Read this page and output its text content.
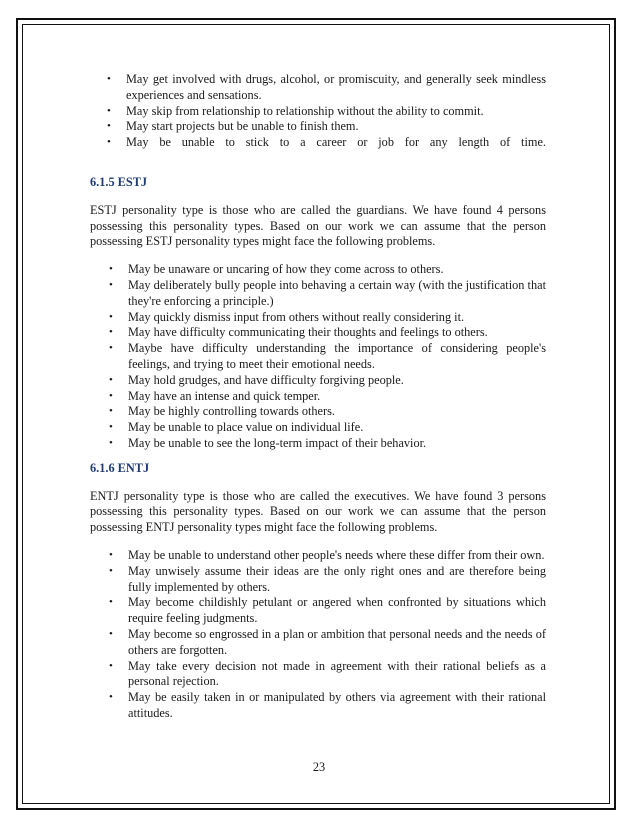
• May get involved with drugs, alcohol, or promiscuity, and generally seek mindless experiences and sensations.
• May skip from relationship to relationship without the ability to commit.
• May start projects but be unable to finish them.
• May be unable to stick to a career or job for any length of time.
6.1.5 ESTJ

ESTJ personality type is those who are called the guardians. We have found 4 persons possessing this personality types. Based on our work we can assume that the person possessing ESTJ personality types might face the following problems.

• May be unaware or uncaring of how they come across to others.
• May deliberately bully people into behaving a certain way (with the justification that they're enforcing a principle.)
• May quickly dismiss input from others without really considering it.
• May have difficulty communicating their thoughts and feelings to others.
• Maybe have difficulty understanding the importance of considering people's feelings, and trying to meet their emotional needs.
• May hold grudges, and have difficulty forgiving people.
• May have an intense and quick temper.
• May be highly controlling towards others.
• May be unable to place value on individual life.
• May be unable to see the long-term impact of their behavior.
6.1.6 ENTJ

ENTJ personality type is those who are called the executives. We have found 3 persons possessing this personality types. Based on our work we can assume that the person possessing ENTJ personality types might face the following problems.

• May be unable to understand other people's needs where these differ from their own.
• May unwisely assume their ideas are the only right ones and are therefore being fully implemented by others.
• May become childishly petulant or angered when confronted by situations which require feeling judgments.
• May become so engrossed in a plan or ambition that personal needs and the needs of others are forgotten.
• May take every decision not made in agreement with their rational beliefs as a personal rejection.
• May be easily taken in or manipulated by others via agreement with their rational attitudes.
23
